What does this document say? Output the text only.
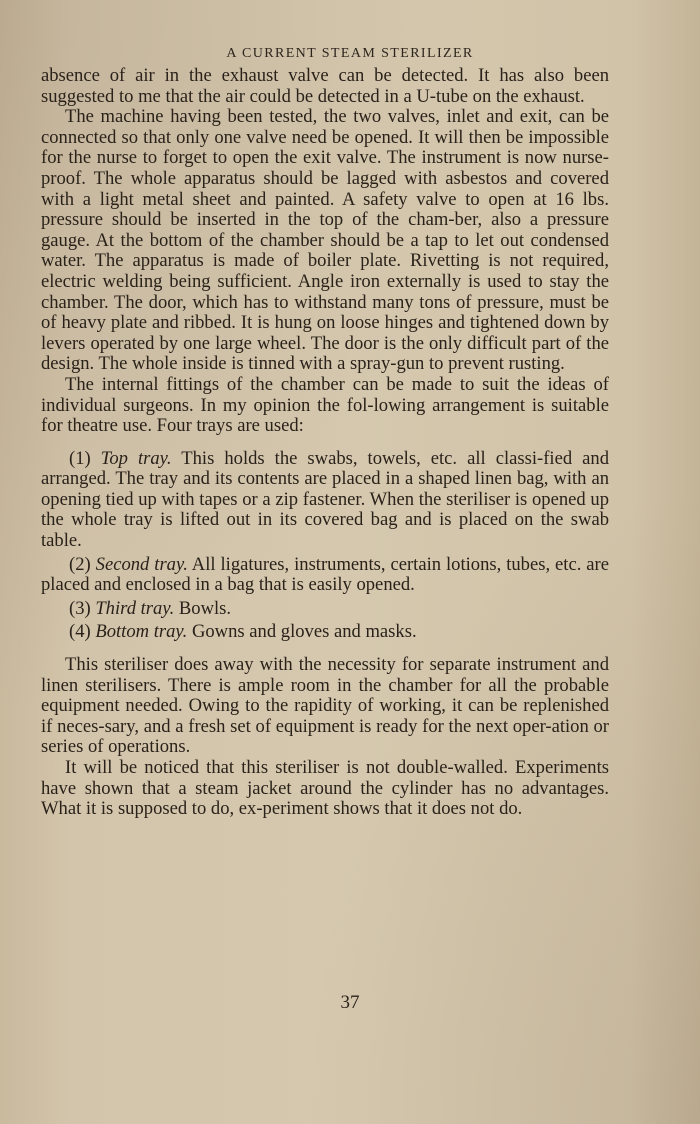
A CURRENT STEAM STERILIZER

absence of air in the exhaust valve can be detected. It has also been suggested to me that the air could be detected in a U-tube on the exhaust.

The machine having been tested, the two valves, inlet and exit, can be connected so that only one valve need be opened. It will then be impossible for the nurse to forget to open the exit valve. The instrument is now nurse-proof. The whole apparatus should be lagged with asbestos and covered with a light metal sheet and painted. A safety valve to open at 16 lbs. pressure should be inserted in the top of the cham-ber, also a pressure gauge. At the bottom of the chamber should be a tap to let out condensed water. The apparatus is made of boiler plate. Rivetting is not required, electric welding being sufficient. Angle iron externally is used to stay the chamber. The door, which has to withstand many tons of pressure, must be of heavy plate and ribbed. It is hung on loose hinges and tightened down by levers operated by one large wheel. The door is the only difficult part of the design. The whole inside is tinned with a spray-gun to prevent rusting.

The internal fittings of the chamber can be made to suit the ideas of individual surgeons. In my opinion the fol-lowing arrangement is suitable for theatre use. Four trays are used:

(1) Top tray. This holds the swabs, towels, etc. all classi-fied and arranged. The tray and its contents are placed in a shaped linen bag, with an opening tied up with tapes or a zip fastener. When the steriliser is opened up the whole tray is lifted out in its covered bag and is placed on the swab table.

(2) Second tray. All ligatures, instruments, certain lotions, tubes, etc. are placed and enclosed in a bag that is easily opened.

(3) Third tray. Bowls.

(4) Bottom tray. Gowns and gloves and masks.

This steriliser does away with the necessity for separate instrument and linen sterilisers. There is ample room in the chamber for all the probable equipment needed. Owing to the rapidity of working, it can be replenished if neces-sary, and a fresh set of equipment is ready for the next oper-ation or series of operations.

It will be noticed that this steriliser is not double-walled. Experiments have shown that a steam jacket around the cylinder has no advantages. What it is supposed to do, ex-periment shows that it does not do.

37
